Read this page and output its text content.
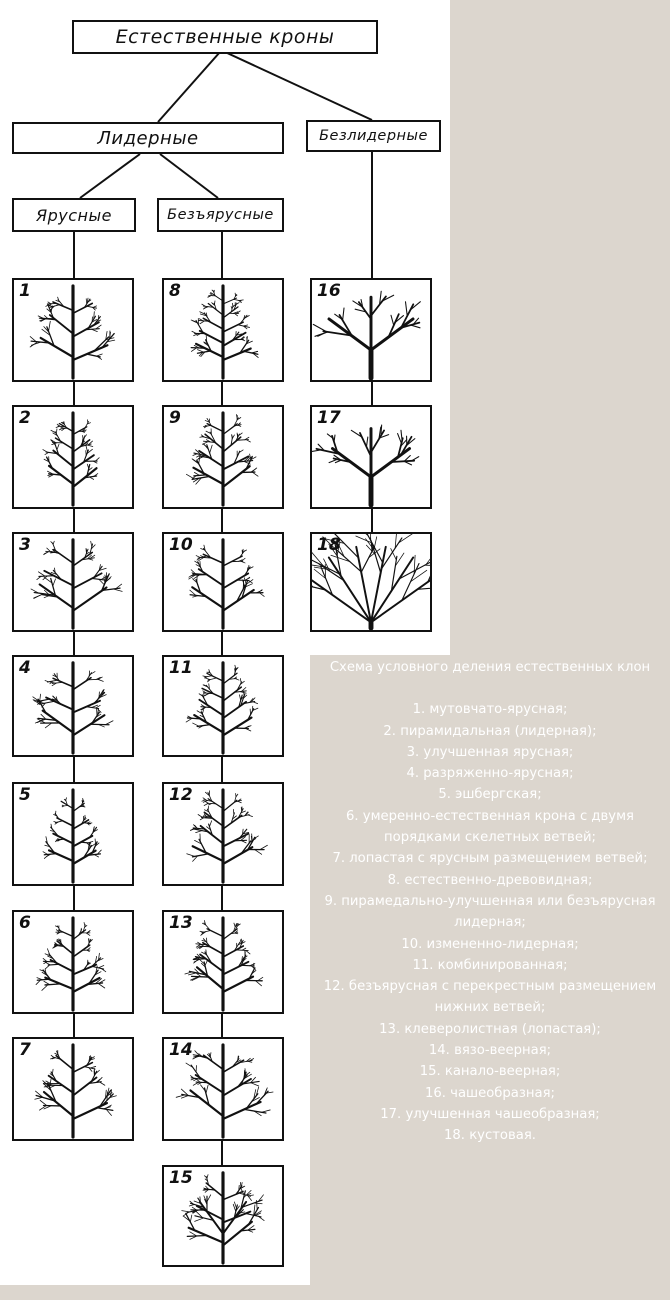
Естественные кроны
Лидерные	Безлидерные
Ярусные	Безъярусные
1
2
3
4
5
6
7
8
9
10
11
12
13
14
15
16
17
18

Схема условного деления естественных клон

1. мутовчато-ярусная;

2. пирамидальная (лидерная);

3. улучшенная ярусная;

4. разряженно-ярусная;

5. эшбергская;

6. умеренно-естественная крона с двумя порядками скелетных ветвей;

7. лопастая с ярусным размещением ветвей;

8. естественно-древовидная;

9. пирамедально-улучшенная или безъярусная лидерная;

10. измененно-лидерная;

11. комбинированная;

12. безъярусная с перекрестным размещением нижних ветвей;

13. клеверолистная (лопастая);

14. вязо-веерная;

15. канало-веерная;

16. чашеобразная;

17. улучшенная чашеобразная;

18. кустовая.
